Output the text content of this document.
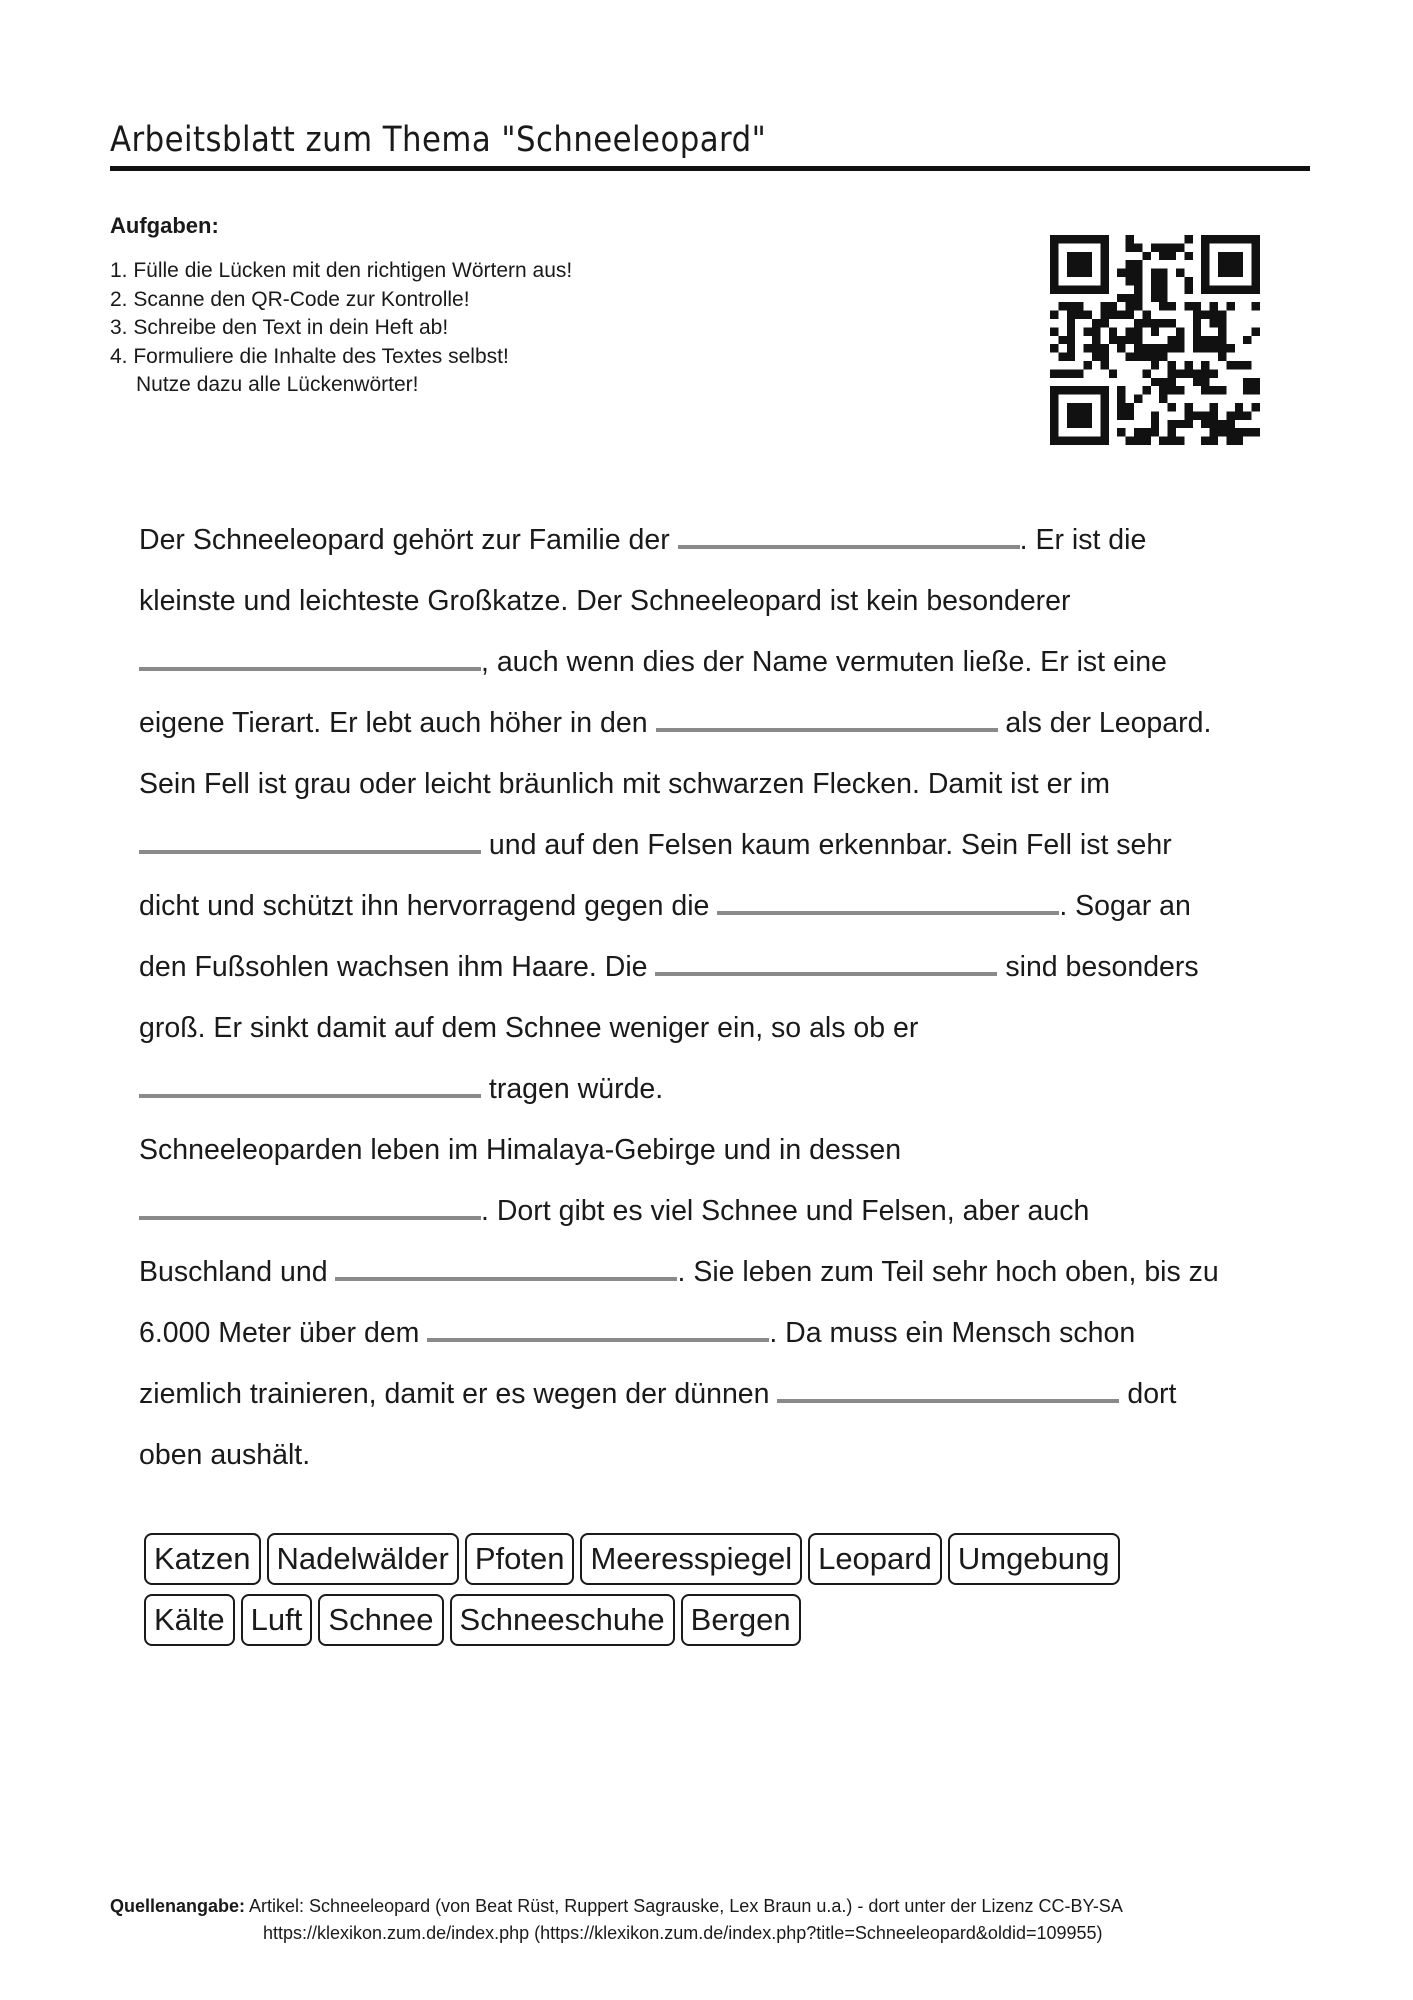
Arbeitsblatt zum Thema "Schneeleopard"
Aufgaben:
1. Fülle die Lücken mit den richtigen Wörtern aus!
2. Scanne den QR-Code zur Kontrolle!
3. Schreibe den Text in dein Heft ab!
4. Formuliere die Inhalte des Textes selbst!
Nutze dazu alle Lückenwörter!
Der Schneeleopard gehört zur Familie der	. Er ist die
kleinste und leichteste Großkatze. Der Schneeleopard ist kein besonderer
, auch wenn dies der Name vermuten ließe. Er ist eine
eigene Tierart. Er lebt auch höher in den	als der Leopard.
Sein Fell ist grau oder leicht bräunlich mit schwarzen Flecken. Damit ist er im
und auf den Felsen kaum erkennbar. Sein Fell ist sehr
dicht und schützt ihn hervorragend gegen die	. Sogar an
den Fußsohlen wachsen ihm Haare. Die	sind besonders
groß. Er sinkt damit auf dem Schnee weniger ein, so als ob er
tragen würde.
Schneeleoparden leben im Himalaya-Gebirge und in dessen
. Dort gibt es viel Schnee und Felsen, aber auch
Buschland und	. Sie leben zum Teil sehr hoch oben, bis zu
6.000 Meter über dem	. Da muss ein Mensch schon
ziemlich trainieren, damit er es wegen der dünnen	dort
oben aushält.
Katzen Nadelwälder Pfoten Meeresspiegel Leopard Umgebung
Kälte Luft Schnee Schneeschuhe Bergen
Quellenangabe: Artikel: Schneeleopard (von Beat Rüst, Ruppert Sagrauske, Lex Braun u.a.) - dort unter der Lizenz CC-BY-SA
https://klexikon.zum.de/index.php (https://klexikon.zum.de/index.php?title=Schneeleopard&oldid=109955)
